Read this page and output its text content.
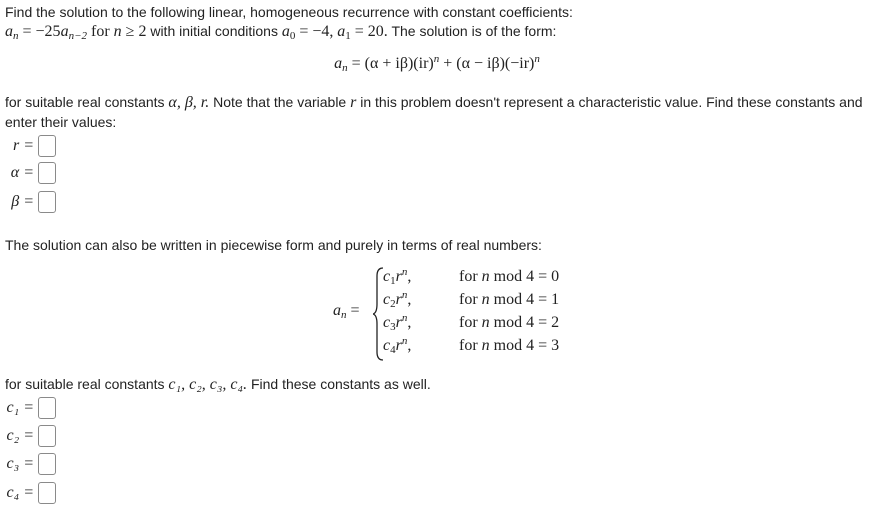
Find the solution to the following linear, homogeneous recurrence with constant coefficients:
$a_n = -25a_{n-2}$ for n ≥ 2 with initial conditions $a_0 = -4$, $a_1 = 20$. The solution is of the form:
$a_n = (\alpha + i\beta)(ir)^n + (\alpha - i\beta)(-ir)^n$
for suitable real constants α, β, r. Note that the variable r in this problem doesn't represent a characteristic value. Find these constants and
enter their values:
r =
α =
β =
The solution can also be written in piecewise form and purely in terms of real numbers:
$a_n$ =
$c_1r^n$,	for n mod 4 = 0
$c_2r^n$,	for n mod 4 = 1
$c_3r^n$,	for n mod 4 = 2
$c_4r^n$,	for n mod 4 = 3
for suitable real constants c₁, c₂, c₃, c₄. Find these constants as well.
c₁ =
c₂ =
c₃ =
c₄ =
